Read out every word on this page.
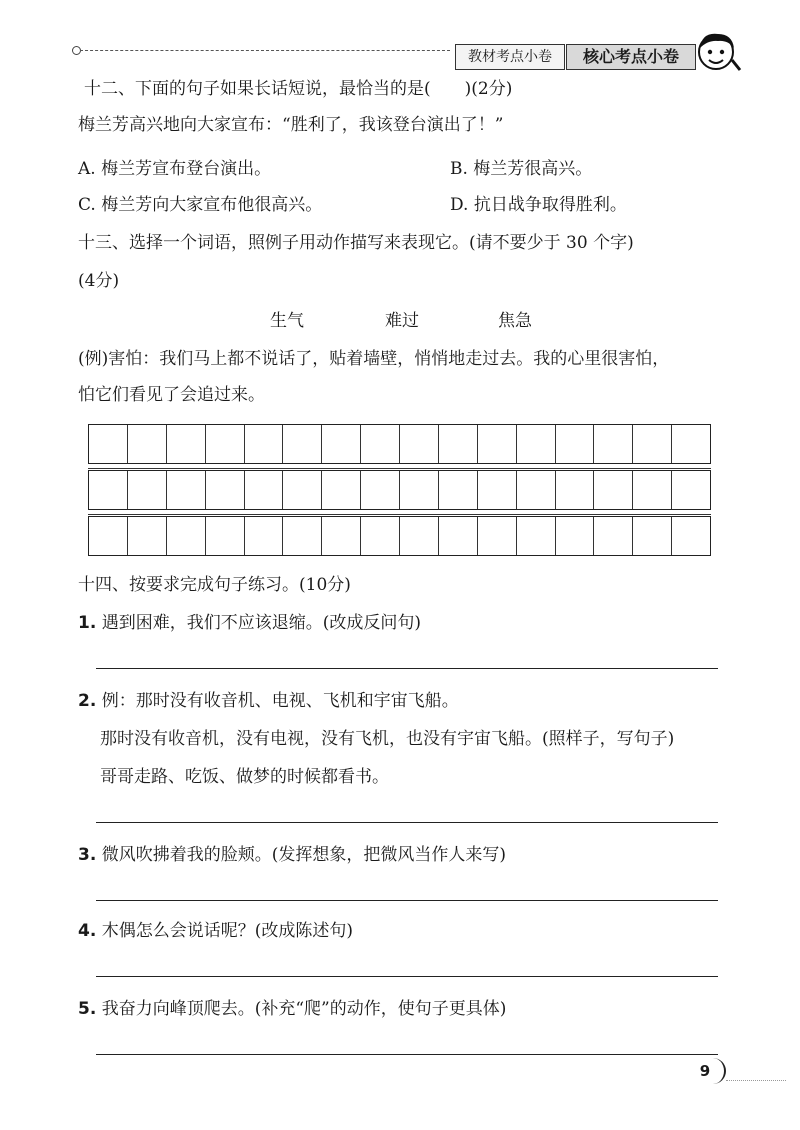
教材考点小卷	核心考点小卷
十二、下面的句子如果长话短说，最恰当的是(　　)(2分)
梅兰芳高兴地向大家宣布：“胜利了，我该登台演出了！”
A. 梅兰芳宣布登台演出。	B. 梅兰芳很高兴。
C. 梅兰芳向大家宣布他很高兴。	D. 抗日战争取得胜利。
十三、选择一个词语，照例子用动作描写来表现它。(请不要少于 30 个字)
(4分)
生气	难过	焦急
(例)害怕：我们马上都不说话了，贴着墙壁，悄悄地走过去。我的心里很害怕，
怕它们看见了会追过来。
十四、按要求完成句子练习。(10分)
1. 遇到困难，我们不应该退缩。(改成反问句)
2. 例：那时没有收音机、电视、飞机和宇宙飞船。
那时没有收音机，没有电视，没有飞机，也没有宇宙飞船。(照样子，写句子)
哥哥走路、吃饭、做梦的时候都看书。
3. 微风吹拂着我的脸颊。(发挥想象，把微风当作人来写)
4. 木偶怎么会说话呢？(改成陈述句)
5. 我奋力向峰顶爬去。(补充“爬”的动作，使句子更具体)
9
